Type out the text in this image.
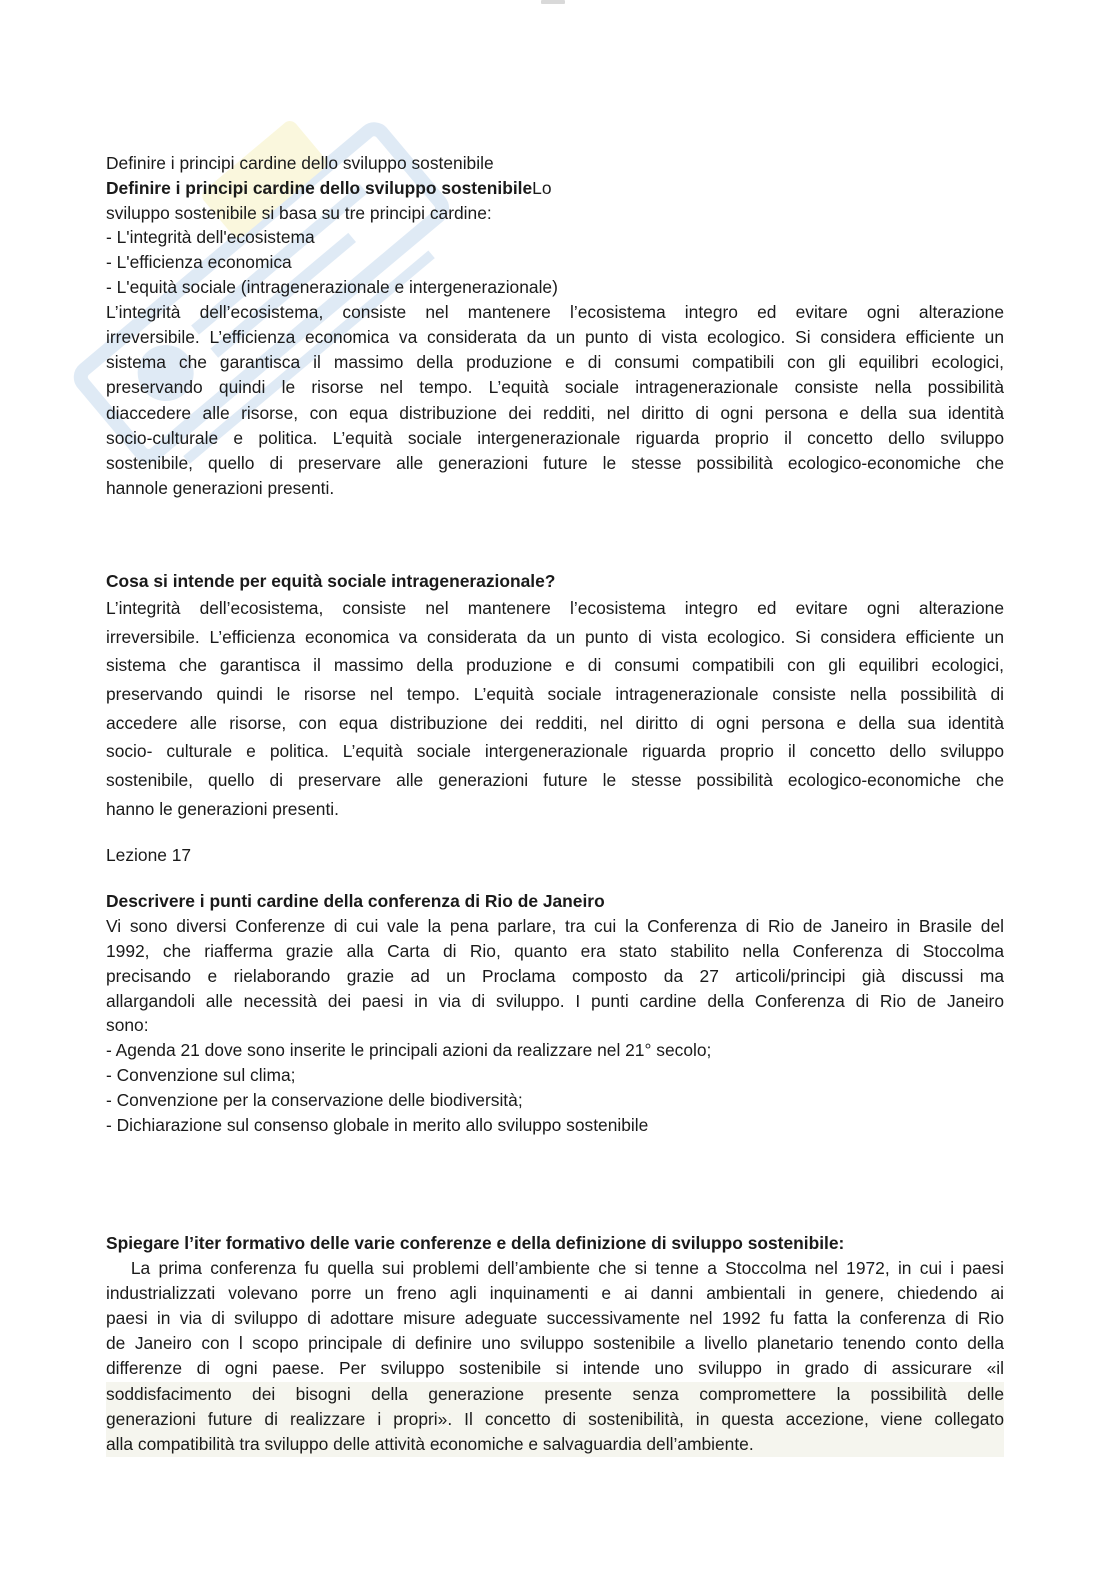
Definire i principi cardine dello sviluppo sostenibile
Definire i principi cardine dello sviluppo sostenibileLo
sviluppo sostenibile si basa su tre principi cardine:
- L'integrità dell'ecosistema
- L'efficienza economica
- L'equità sociale (intragenerazionale e intergenerazionale)
L’integrità dell’ecosistema, consiste nel mantenere l’ecosistema integro ed evitare ogni alterazione
irreversibile. L’efficienza economica va considerata da un punto di vista ecologico. Si considera efficiente un
sistema che garantisca il massimo della produzione e di consumi compatibili con gli equilibri ecologici,
preservando quindi le risorse nel tempo. L’equità sociale intragenerazionale consiste nella possibilità
diaccedere alle risorse, con equa distribuzione dei redditi, nel diritto di ogni persona e della sua identità
socio-culturale e politica. L’equità sociale intergenerazionale riguarda proprio il concetto dello sviluppo
sostenibile, quello di preservare alle generazioni future le stesse possibilità ecologico-economiche che
hannole generazioni presenti.
Cosa si intende per equità sociale intragenerazionale?
L’integrità dell’ecosistema, consiste nel mantenere l’ecosistema integro ed evitare ogni alterazione
irreversibile. L’efficienza economica va considerata da un punto di vista ecologico. Si considera efficiente un
sistema che garantisca il massimo della produzione e di consumi compatibili con gli equilibri ecologici,
preservando quindi le risorse nel tempo. L’equità sociale intragenerazionale consiste nella possibilità di
accedere alle risorse, con equa distribuzione dei redditi, nel diritto di ogni persona e della sua identità
socio- culturale e politica. L’equità sociale intergenerazionale riguarda proprio il concetto dello sviluppo
sostenibile, quello di preservare alle generazioni future le stesse possibilità ecologico-economiche che
hanno le generazioni presenti.
Lezione 17
Descrivere i punti cardine della conferenza di Rio de Janeiro
Vi sono diversi Conferenze di cui vale la pena parlare, tra cui la Conferenza di Rio de Janeiro in Brasile del
1992, che riafferma grazie alla Carta di Rio, quanto era stato stabilito nella Conferenza di Stoccolma
precisando e rielaborando grazie ad un Proclama composto da 27 articoli/principi già discussi ma
allargandoli alle necessità dei paesi in via di sviluppo. I punti cardine della Conferenza di Rio de Janeiro
sono:
- Agenda 21 dove sono inserite le principali azioni da realizzare nel 21° secolo;
- Convenzione sul clima;
- Convenzione per la conservazione delle biodiversità;
- Dichiarazione sul consenso globale in merito allo sviluppo sostenibile
Spiegare l’iter formativo delle varie conferenze e della definizione di sviluppo sostenibile:
La prima conferenza fu quella sui problemi dell’ambiente che si tenne a Stoccolma nel 1972, in cui i paesi
industrializzati volevano porre un freno agli inquinamenti e ai danni ambientali in genere, chiedendo ai
paesi in via di sviluppo di adottare misure adeguate successivamente nel 1992 fu fatta la conferenza di Rio
de Janeiro con l scopo principale di definire uno sviluppo sostenibile a livello planetario tenendo conto della
differenze di ogni paese. Per sviluppo sostenibile si intende uno sviluppo in grado di assicurare «il
soddisfacimento dei bisogni della generazione presente senza compromettere la possibilità delle
generazioni future di realizzare i propri». Il concetto di sostenibilità, in questa accezione, viene collegato
alla compatibilità tra sviluppo delle attività economiche e salvaguardia dell’ambiente.
